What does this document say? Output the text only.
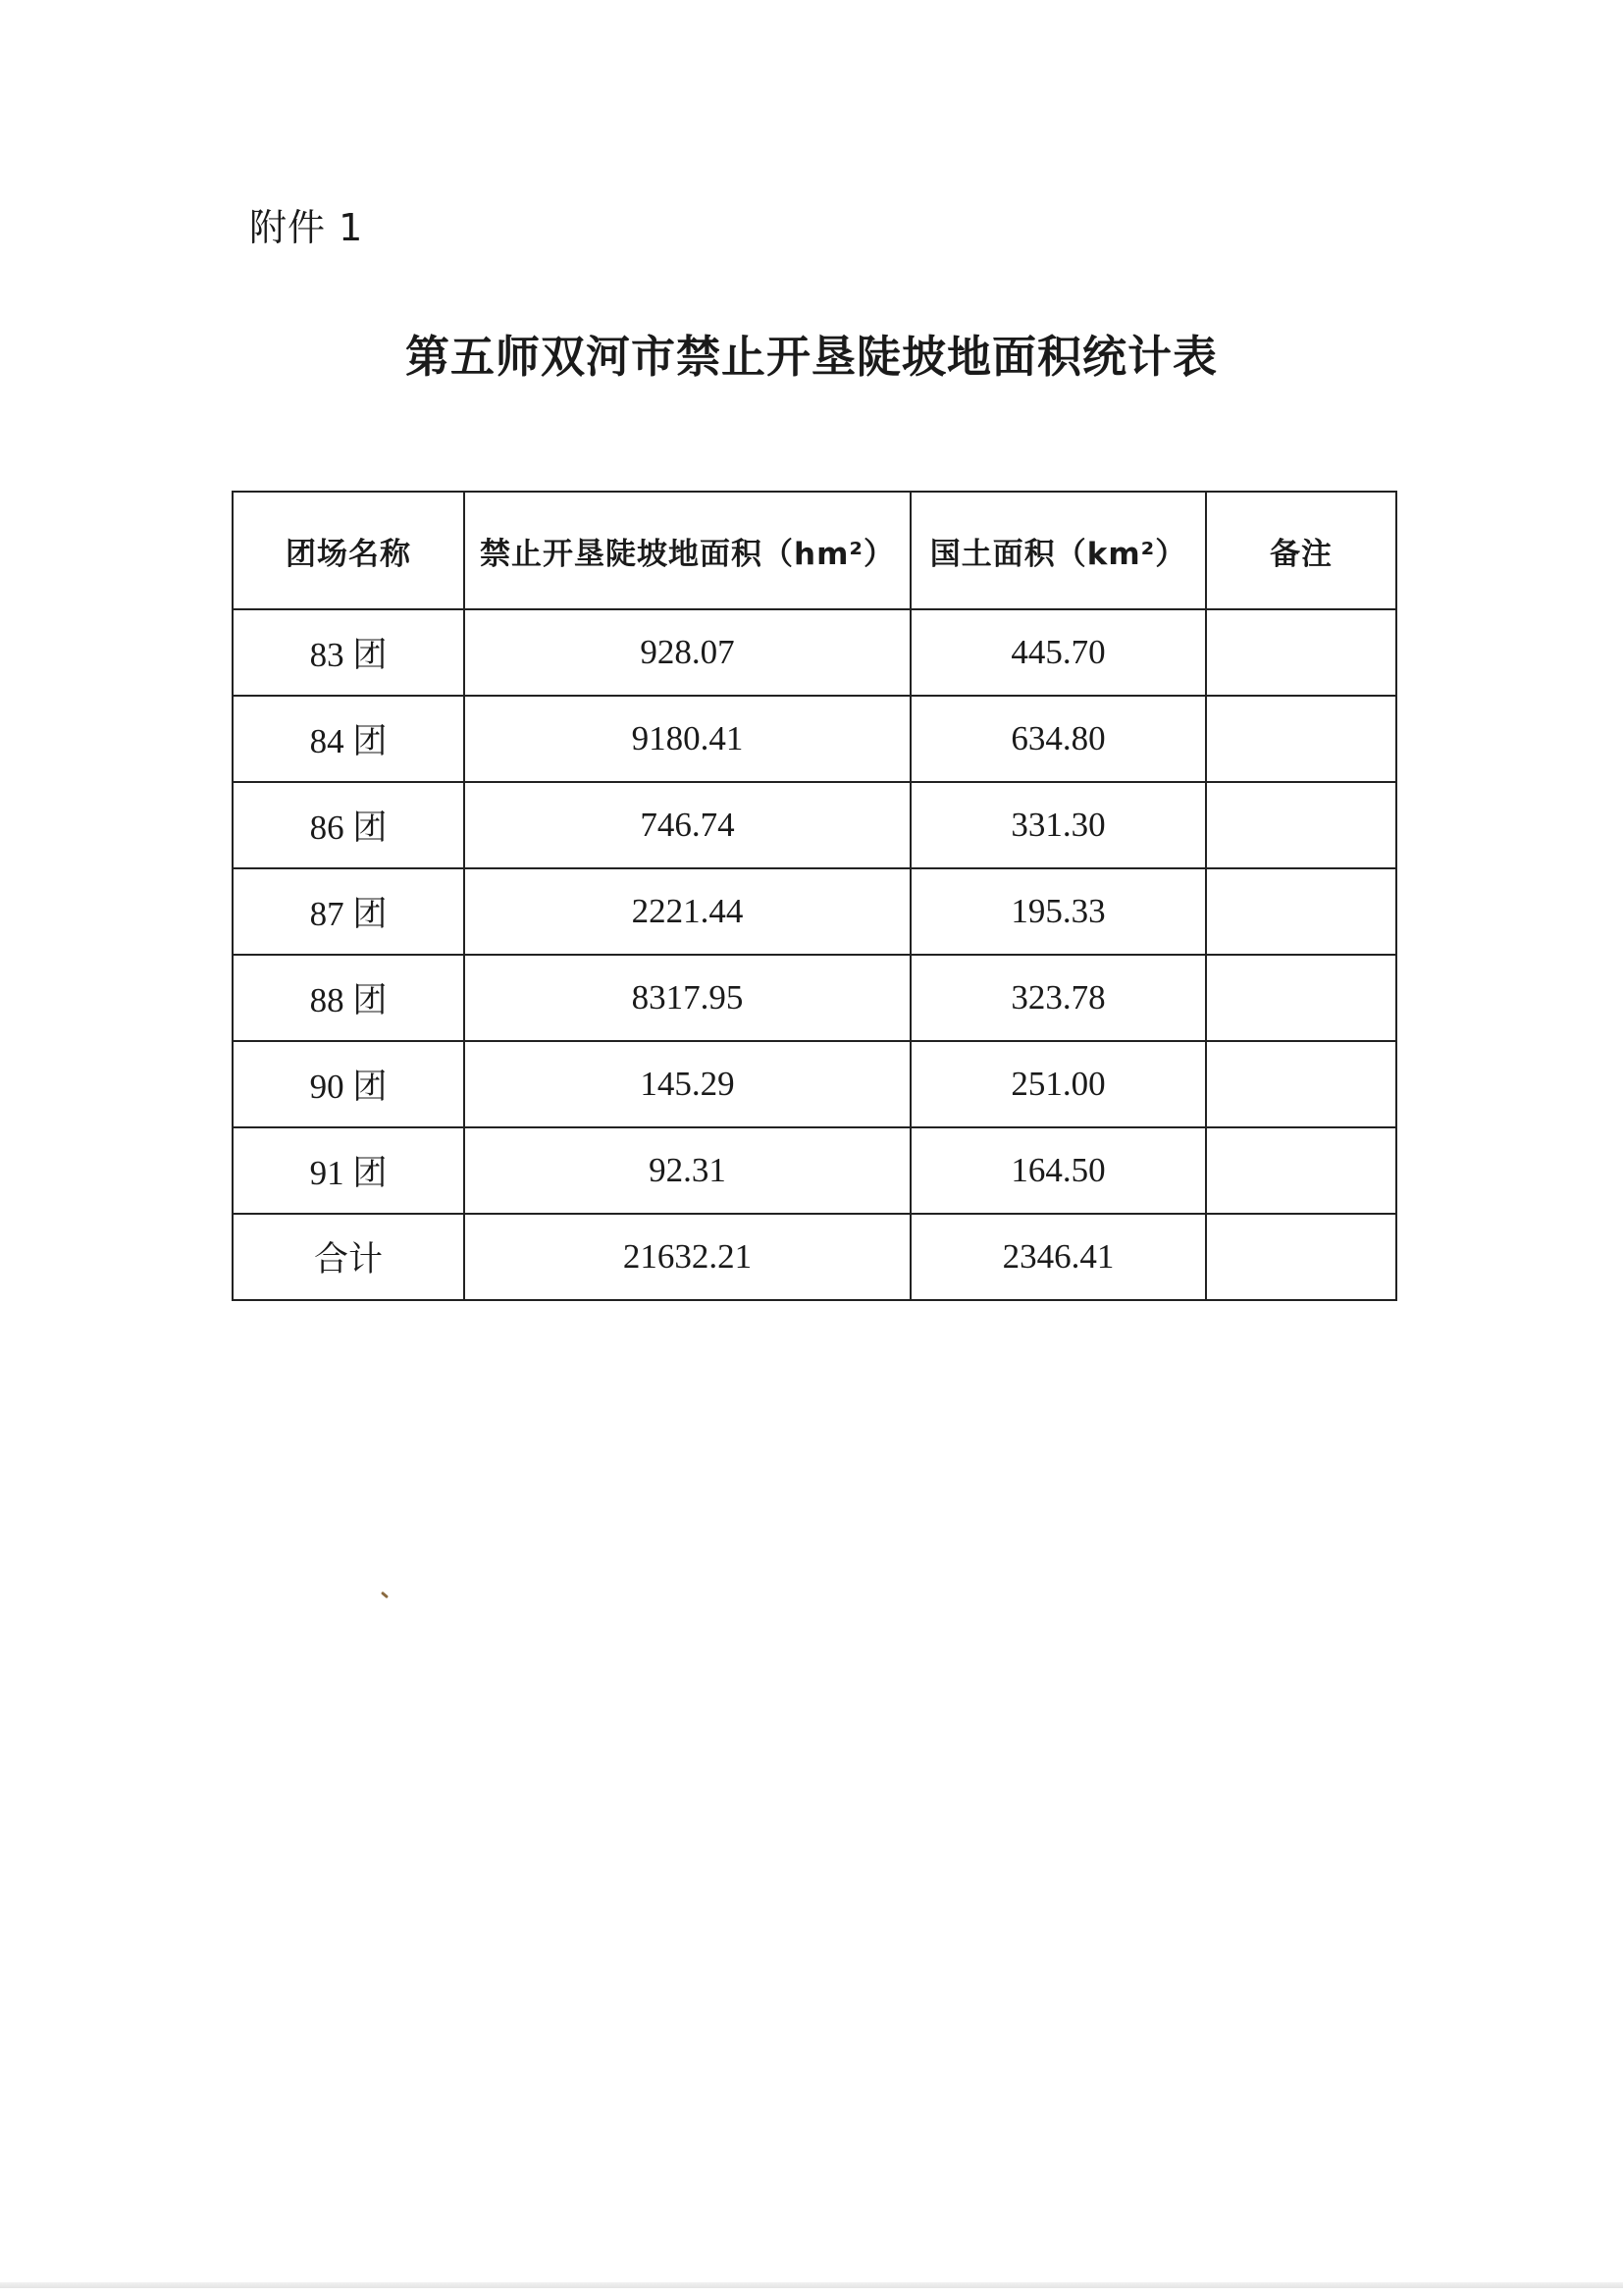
附件 1
第五师双河市禁止开垦陡坡地面积统计表
团场名称	禁止开垦陡坡地面积（hm²）	国土面积（km²）	备注
83 团	928.07	445.70	
84 团	9180.41	634.80	
86 团	746.74	331.30	
87 团	2221.44	195.33	
88 团	8317.95	323.78	
90 团	145.29	251.00	
91 团	92.31	164.50	
合计	21632.21	2346.41	
